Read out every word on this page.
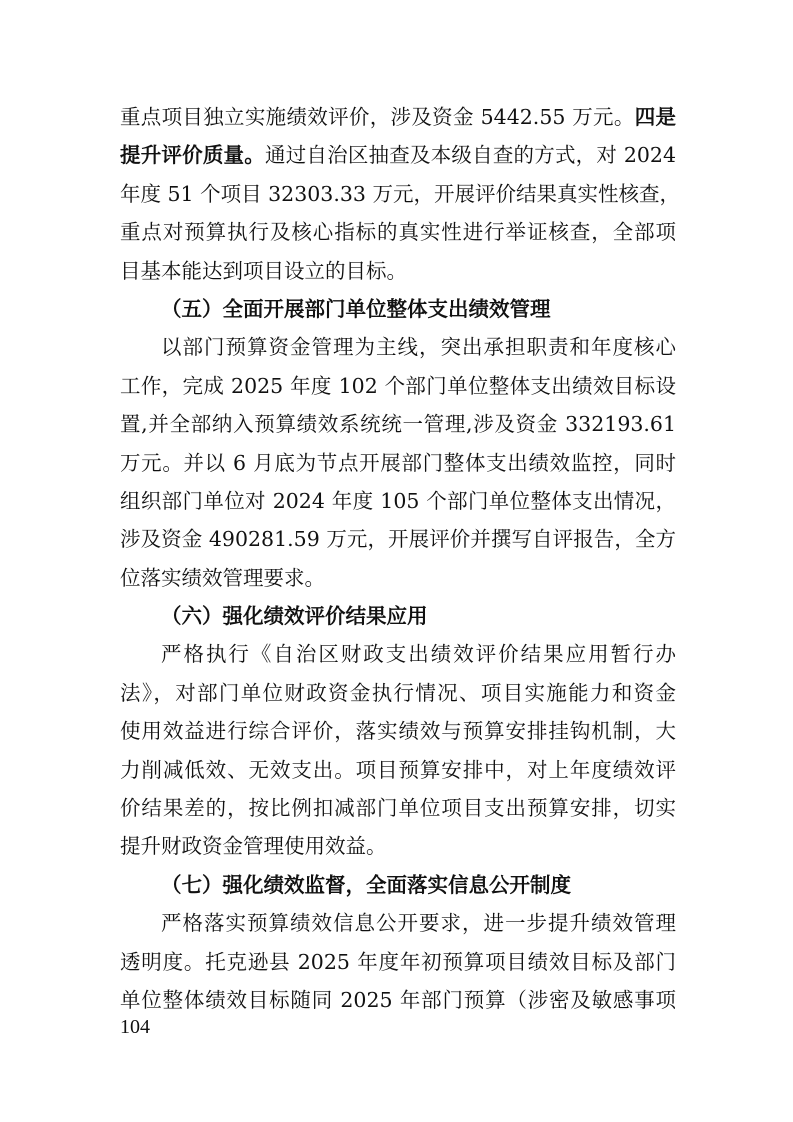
重点项目独立实施绩效评价，涉及资金 5442.55 万元。四是
提升评价质量。通过自治区抽查及本级自查的方式，对 2024
年度 51 个项目 32303.33 万元，开展评价结果真实性核查，
重点对预算执行及核心指标的真实性进行举证核查，全部项
目基本能达到项目设立的目标。
（五）全面开展部门单位整体支出绩效管理
以部门预算资金管理为主线，突出承担职责和年度核心
工作，完成 2025 年度 102 个部门单位整体支出绩效目标设
置,并全部纳入预算绩效系统统一管理,涉及资金 332193.61
万元。并以 6 月底为节点开展部门整体支出绩效监控，同时
组织部门单位对 2024 年度 105 个部门单位整体支出情况，
涉及资金 490281.59 万元，开展评价并撰写自评报告，全方
位落实绩效管理要求。
（六）强化绩效评价结果应用
严格执行《自治区财政支出绩效评价结果应用暂行办
法》，对部门单位财政资金执行情况、项目实施能力和资金
使用效益进行综合评价，落实绩效与预算安排挂钩机制，大
力削减低效、无效支出。项目预算安排中，对上年度绩效评
价结果差的，按比例扣减部门单位项目支出预算安排，切实
提升财政资金管理使用效益。
（七）强化绩效监督，全面落实信息公开制度
严格落实预算绩效信息公开要求，进一步提升绩效管理
透明度。托克逊县 2025 年度年初预算项目绩效目标及部门
单位整体绩效目标随同 2025 年部门预算（涉密及敏感事项
104
